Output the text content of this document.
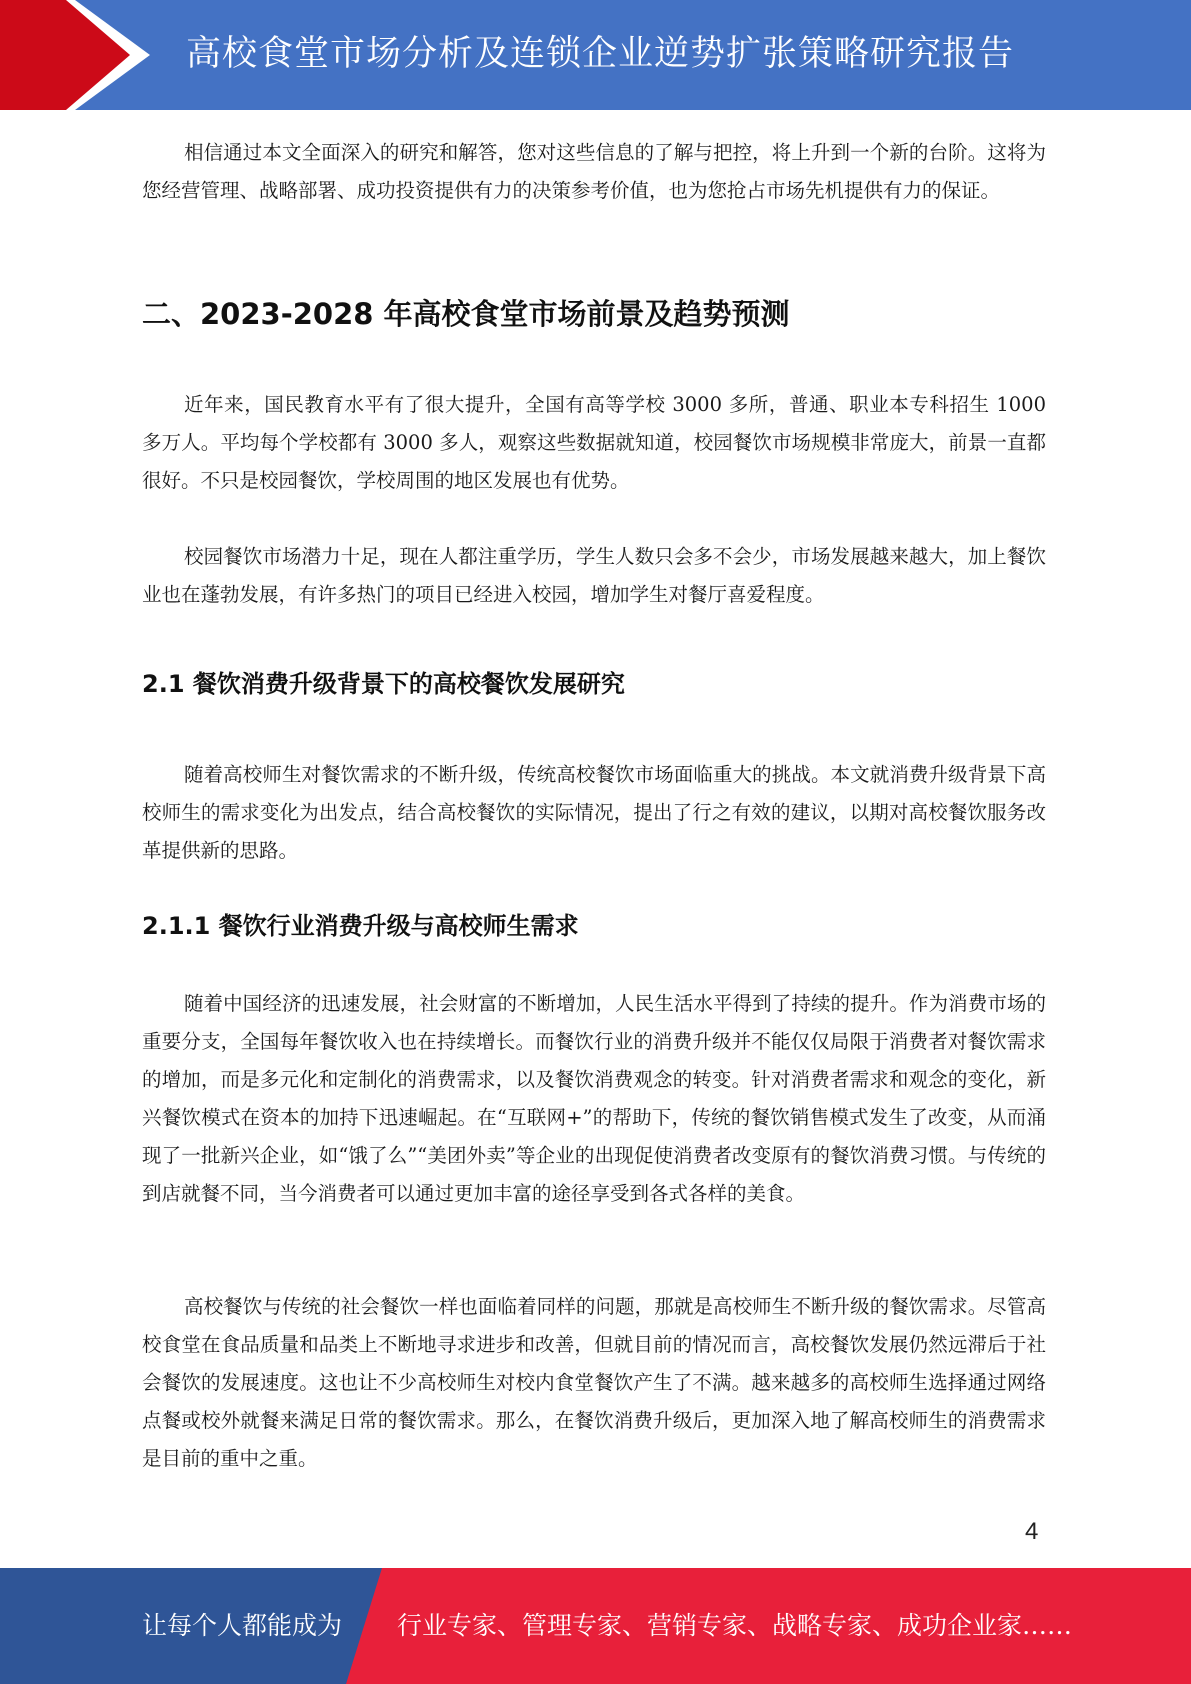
高校食堂市场分析及连锁企业逆势扩张策略研究报告

相信通过本文全面深入的研究和解答，您对这些信息的了解与把控，将上升到一个新的台阶。这将为您经营管理、战略部署、成功投资提供有力的决策参考价值，也为您抢占市场先机提供有力的保证。

二、2023-2028 年高校食堂市场前景及趋势预测

近年来，国民教育水平有了很大提升，全国有高等学校 3000 多所，普通、职业本专科招生 1000 多万人。平均每个学校都有 3000 多人，观察这些数据就知道，校园餐饮市场规模非常庞大，前景一直都很好。不只是校园餐饮，学校周围的地区发展也有优势。

校园餐饮市场潜力十足，现在人都注重学历，学生人数只会多不会少，市场发展越来越大，加上餐饮业也在蓬勃发展，有许多热门的项目已经进入校园，增加学生对餐厅喜爱程度。

2.1 餐饮消费升级背景下的高校餐饮发展研究

随着高校师生对餐饮需求的不断升级，传统高校餐饮市场面临重大的挑战。本文就消费升级背景下高校师生的需求变化为出发点，结合高校餐饮的实际情况，提出了行之有效的建议，以期对高校餐饮服务改革提供新的思路。

2.1.1 餐饮行业消费升级与高校师生需求

随着中国经济的迅速发展，社会财富的不断增加，人民生活水平得到了持续的提升。作为消费市场的重要分支，全国每年餐饮收入也在持续增长。而餐饮行业的消费升级并不能仅仅局限于消费者对餐饮需求的增加，而是多元化和定制化的消费需求，以及餐饮消费观念的转变。针对消费者需求和观念的变化，新兴餐饮模式在资本的加持下迅速崛起。在“互联网+”的帮助下，传统的餐饮销售模式发生了改变，从而涌现了一批新兴企业，如“饿了么”“美团外卖”等企业的出现促使消费者改变原有的餐饮消费习惯。与传统的到店就餐不同，当今消费者可以通过更加丰富的途径享受到各式各样的美食。

高校餐饮与传统的社会餐饮一样也面临着同样的问题，那就是高校师生不断升级的餐饮需求。尽管高校食堂在食品质量和品类上不断地寻求进步和改善，但就目前的情况而言，高校餐饮发展仍然远滞后于社会餐饮的发展速度。这也让不少高校师生对校内食堂餐饮产生了不满。越来越多的高校师生选择通过网络点餐或校外就餐来满足日常的餐饮需求。那么，在餐饮消费升级后，更加深入地了解高校师生的消费需求是目前的重中之重。

4
让每个人都能成为 行业专家、管理专家、营销专家、战略专家、成功企业家……
